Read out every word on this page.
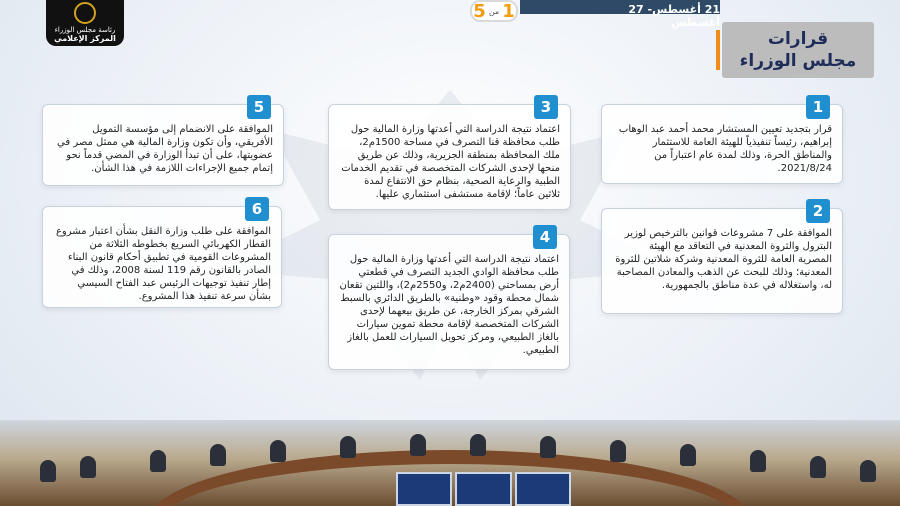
21 أغسطس- 27 أغسطس
5 من 1
رئاسة مجلس الوزراء
المركز الإعلامي	قرارات
مجلس الوزراء
1

قرار بتجديد تعيين المستشار محمد أحمد عبد الوهاب إبراهيم، رئيساً تنفيذياً للهيئة العامة للاستثمار والمناطق الحرة، وذلك لمدة عام اعتباراً من 2021/8/24.

2

الموافقة على 7 مشروعات قوانين بالترخيص لوزير البترول والثروة المعدنية في التعاقد مع الهيئة المصرية العامة للثروة المعدنية وشركة شلاتين للثروة المعدنية؛ وذلك للبحث عن الذهب والمعادن المصاحبة له، واستغلاله في عدة مناطق بالجمهورية.

3

اعتماد نتيجة الدراسة التي أعدتها وزارة المالية حول طلب محافظة قنا التصرف في مساحة 1500م2، ملك المحافظة بمنطقة الجزيرية، وذلك عن طريق منحها لإحدى الشركات المتخصصة في تقديم الخدمات الطبية والرعاية الصحية، بنظام حق الانتفاع لمدة ثلاثين عاماً؛ لإقامة مستشفى استثماري عليها.

4

اعتماد نتيجة الدراسة التي أعدتها وزارة المالية حول طلب محافظة الوادي الجديد التصرف في قطعتي أرض بمساحتي (2400م2، و2550م2)، واللتين تقعان شمال محطة وقود «وطنية» بالطريق الدائري بالسبط الشرقي بمركز الخارجة، عن طريق بيعهما لإحدى الشركات المتخصصة لإقامة محطة تموين سيارات بالغاز الطبيعي، ومركز تحويل السيارات للعمل بالغاز الطبيعي.

5

الموافقة على الانضمام إلى مؤسسة التمويل الأفريقي، وأن تكون وزارة المالية هي ممثل مصر في عضويتها، على أن تبدأ الوزارة في المضي قدماً نحو إتمام جميع الإجراءات اللازمة في هذا الشأن.

6

الموافقة على طلب وزارة النقل بشأن اعتبار مشروع القطار الكهربائي السريع بخطوطه الثلاثة من المشروعات القومية في تطبيق أحكام قانون البناء الصادر بالقانون رقم 119 لسنة 2008، وذلك في إطار تنفيذ توجيهات الرئيس عبد الفتاح السيسي بشأن سرعة تنفيذ هذا المشروع.
